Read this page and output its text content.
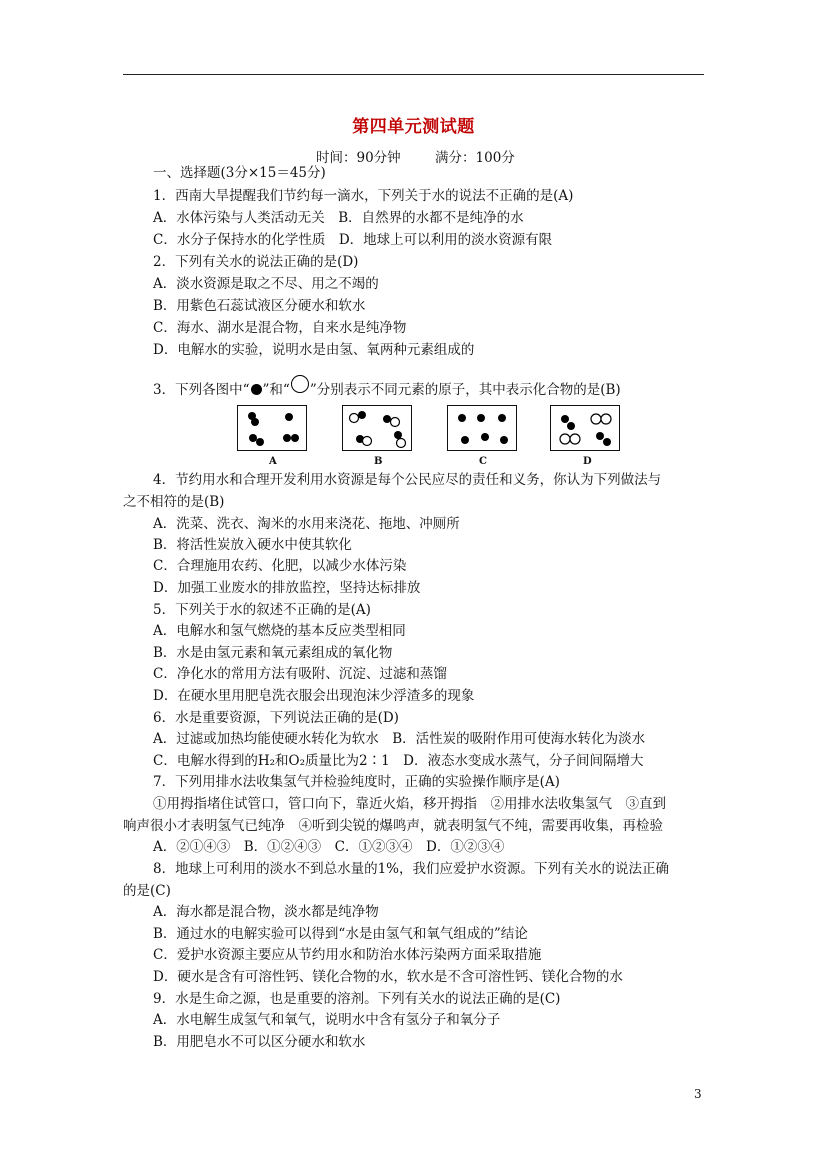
第四单元测试题
时间：90分钟	满分：100分
一、选择题(3分×15＝45分)
1．西南大旱提醒我们节约每一滴水，下列关于水的说法不正确的是(A)
A．水体污染与人类活动无关　B．自然界的水都不是纯净的水
C．水分子保持水的化学性质　D．地球上可以利用的淡水资源有限
2．下列有关水的说法正确的是(D)
A．淡水资源是取之不尽、用之不竭的
B．用紫色石蕊试液区分硬水和软水
C．海水、湖水是混合物，自来水是纯净物
D．电解水的实验，说明水是由氢、氧两种元素组成的
3．下列各图中“ ”和“ ”分别表示不同元素的原子，其中表示化合物的是(B)
A	B	C	D
4．节约用水和合理开发利用水资源是每个公民应尽的责任和义务，你认为下列做法与
之不相符的是(B)
A．洗菜、洗衣、淘米的水用来浇花、拖地、冲厕所
B．将活性炭放入硬水中使其软化
C．合理施用农药、化肥，以减少水体污染
D．加强工业废水的排放监控，坚持达标排放
5．下列关于水的叙述不正确的是(A)
A．电解水和氢气燃烧的基本反应类型相同
B．水是由氢元素和氧元素组成的氧化物
C．净化水的常用方法有吸附、沉淀、过滤和蒸馏
D．在硬水里用肥皂洗衣服会出现泡沫少浮渣多的现象
6．水是重要资源，下列说法正确的是(D)
A．过滤或加热均能使硬水转化为软水　B．活性炭的吸附作用可使海水转化为淡水
C．电解水得到的H₂和O₂质量比为2∶1　D．液态水变成水蒸气，分子间间隔增大
7．下列用排水法收集氢气并检验纯度时，正确的实验操作顺序是(A)
①用拇指堵住试管口，管口向下，靠近火焰，移开拇指　②用排水法收集氢气　③直到
响声很小才表明氢气已纯净　④听到尖锐的爆鸣声，就表明氢气不纯，需要再收集，再检验
A．②①④③　B．①②④③　C．①②③④　D．①②③④
8．地球上可利用的淡水不到总水量的1%，我们应爱护水资源。下列有关水的说法正确
的是(C)
A．海水都是混合物，淡水都是纯净物
B．通过水的电解实验可以得到“水是由氢气和氧气组成的”结论
C．爱护水资源主要应从节约用水和防治水体污染两方面采取措施
D．硬水是含有可溶性钙、镁化合物的水，软水是不含可溶性钙、镁化合物的水
9．水是生命之源，也是重要的溶剂。下列有关水的说法正确的是(C)
A．水电解生成氢气和氧气，说明水中含有氢分子和氧分子
B．用肥皂水不可以区分硬水和软水
3
